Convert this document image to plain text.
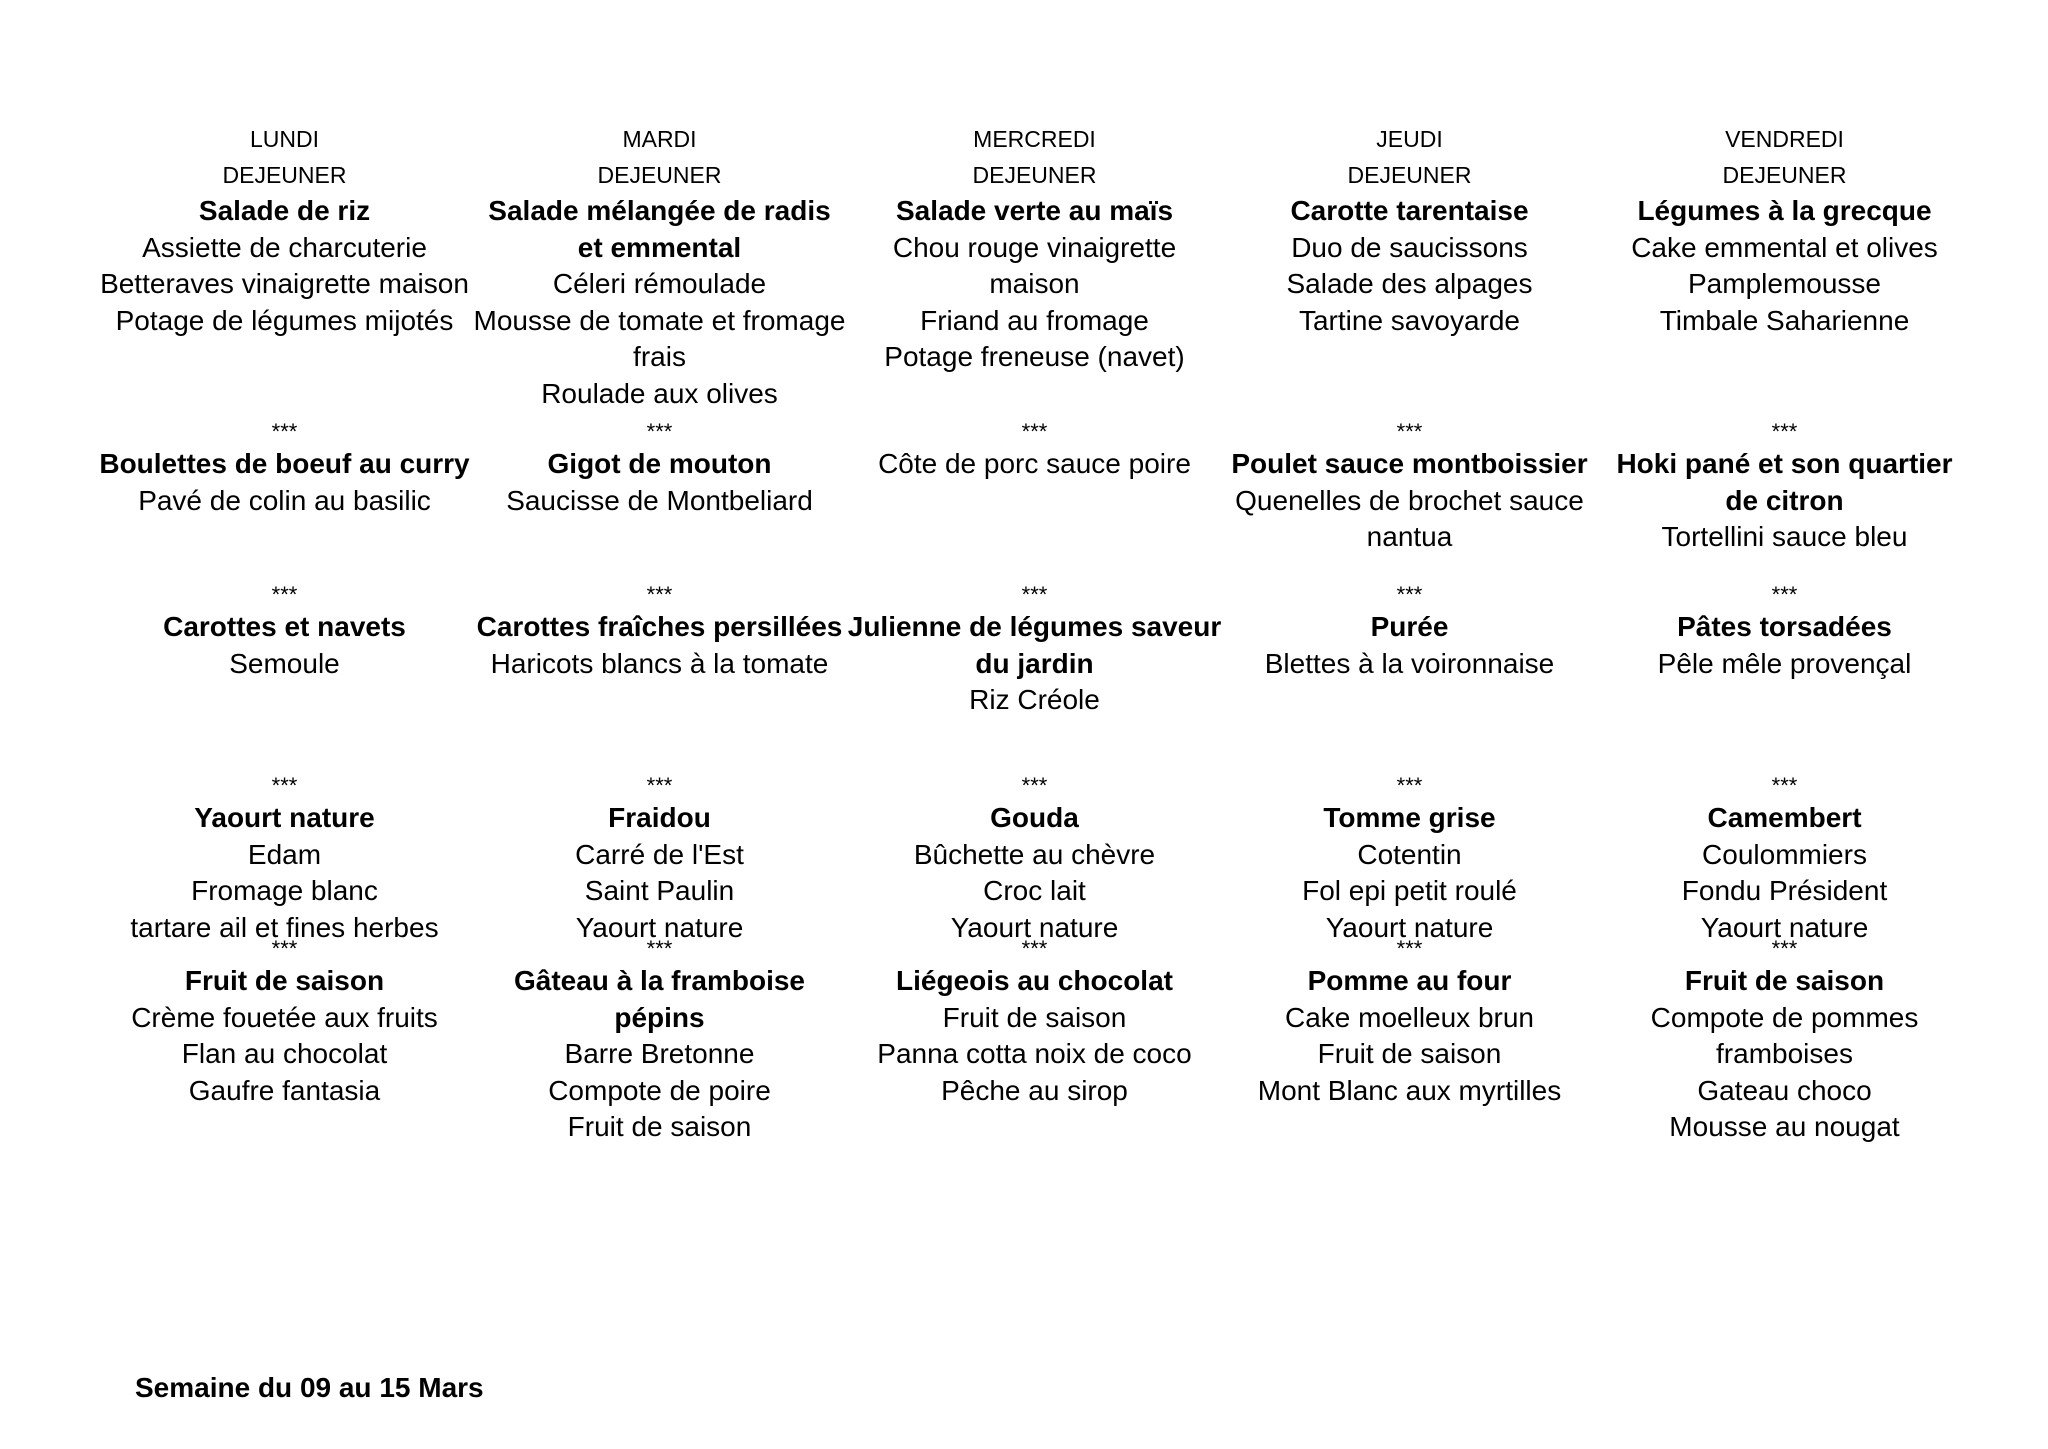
LUNDI
DEJEUNER
Salade de riz
Assiette de charcuterie
Betteraves vinaigrette maison
Potage de légumes mijotés
***
Boulettes de boeuf au curry
Pavé de colin au basilic
***
Carottes et navets
Semoule
***
Yaourt nature
Edam
Fromage blanc
tartare ail et fines herbes
***
Fruit de saison
Crème fouetée aux fruits
Flan au chocolat
Gaufre fantasia
MARDI
DEJEUNER
Salade mélangée de radis et emmental
Céleri rémoulade
Mousse de tomate et fromage frais
Roulade aux olives
***
Gigot de mouton
Saucisse de Montbeliard
***
Carottes fraîches persillées
Haricots blancs à la tomate
***
Fraidou
Carré de l'Est
Saint Paulin
Yaourt nature
***
Gâteau à la framboise pépins
Barre Bretonne
Compote de poire
Fruit de saison
MERCREDI
DEJEUNER
Salade verte au maïs
Chou rouge vinaigrette maison
Friand au fromage
Potage freneuse (navet)
***
Côte de porc sauce poire
***
Julienne de légumes saveur du jardin
Riz Créole
***
Gouda
Bûchette au chèvre
Croc lait
Yaourt nature
***
Liégeois au chocolat
Fruit de saison
Panna cotta noix de coco
Pêche au sirop
JEUDI
DEJEUNER
Carotte tarentaise
Duo de saucissons
Salade des alpages
Tartine savoyarde
***
Poulet sauce montboissier
Quenelles de brochet sauce nantua
***
Purée
Blettes à la voironnaise
***
Tomme grise
Cotentin
Fol epi petit roulé
Yaourt nature
***
Pomme au four
Cake moelleux brun
Fruit de saison
Mont Blanc aux myrtilles
VENDREDI
DEJEUNER
Légumes à la grecque
Cake emmental et olives
Pamplemousse
Timbale Saharienne
***
Hoki pané et son quartier de citron
Tortellini sauce bleu
***
Pâtes torsadées
Pêle mêle provençal
***
Camembert
Coulommiers
Fondu Président
Yaourt nature
***
Fruit de saison
Compote de pommes framboises
Gateau choco
Mousse au nougat
Semaine du 09 au 15 Mars
